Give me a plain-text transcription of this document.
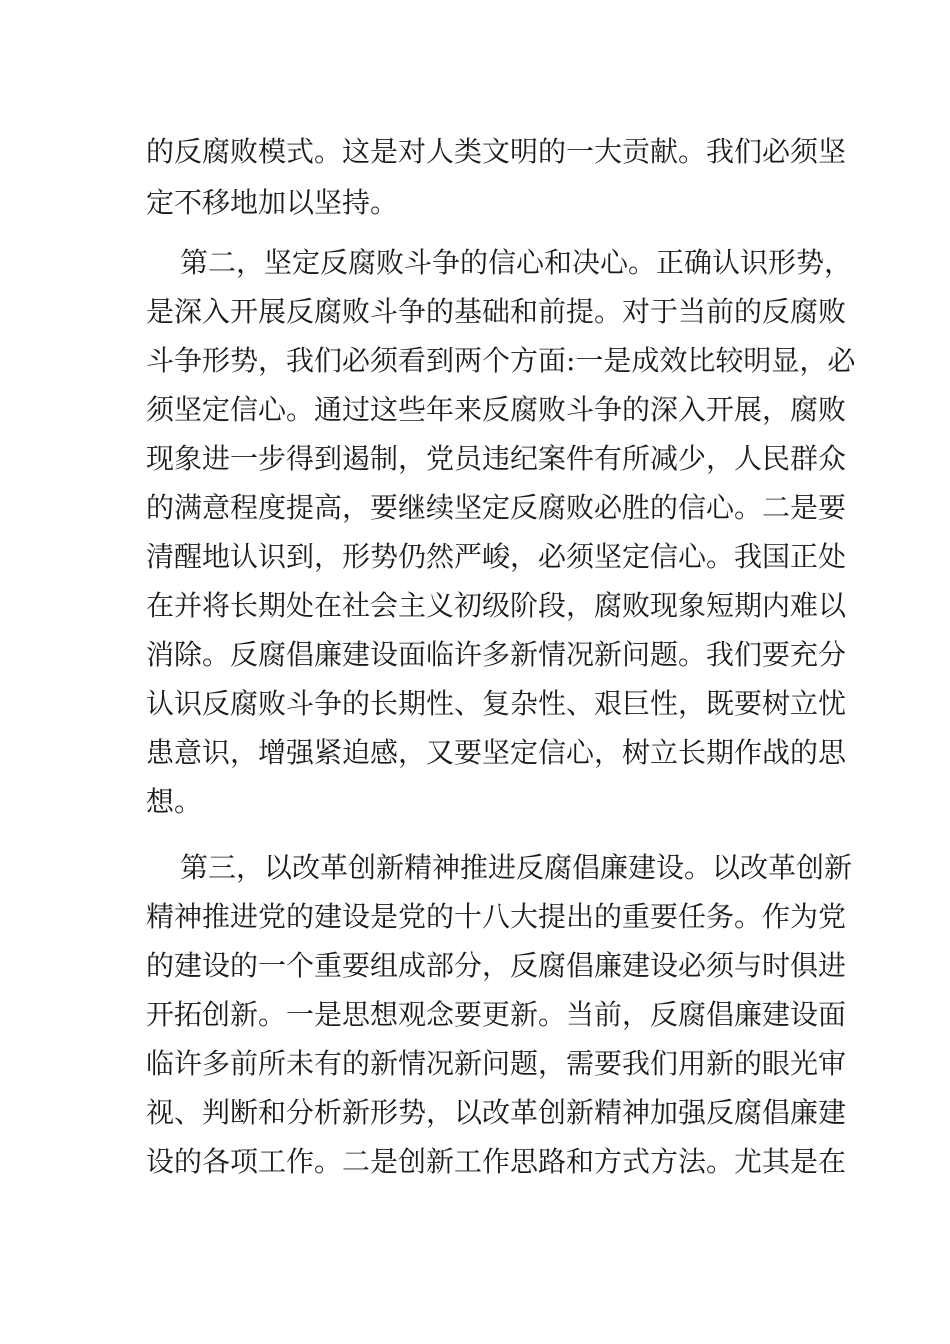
的反腐败模式。这是对人类文明的一大贡献。我们必须坚
定不移地加以坚持。
第二，坚定反腐败斗争的信心和决心。正确认识形势，
是深入开展反腐败斗争的基础和前提。对于当前的反腐败
斗争形势，我们必须看到两个方面:一是成效比较明显，必
须坚定信心。通过这些年来反腐败斗争的深入开展，腐败
现象进一步得到遏制，党员违纪案件有所减少，人民群众
的满意程度提高，要继续坚定反腐败必胜的信心。二是要
清醒地认识到，形势仍然严峻，必须坚定信心。我国正处
在并将长期处在社会主义初级阶段，腐败现象短期内难以
消除。反腐倡廉建设面临许多新情况新问题。我们要充分
认识反腐败斗争的长期性、复杂性、艰巨性，既要树立忧
患意识，增强紧迫感，又要坚定信心，树立长期作战的思
想。
第三，以改革创新精神推进反腐倡廉建设。以改革创新
精神推进党的建设是党的十八大提出的重要任务。作为党
的建设的一个重要组成部分，反腐倡廉建设必须与时俱进
开拓创新。一是思想观念要更新。当前，反腐倡廉建设面
临许多前所未有的新情况新问题，需要我们用新的眼光审
视、判断和分析新形势，以改革创新精神加强反腐倡廉建
设的各项工作。二是创新工作思路和方式方法。尤其是在
